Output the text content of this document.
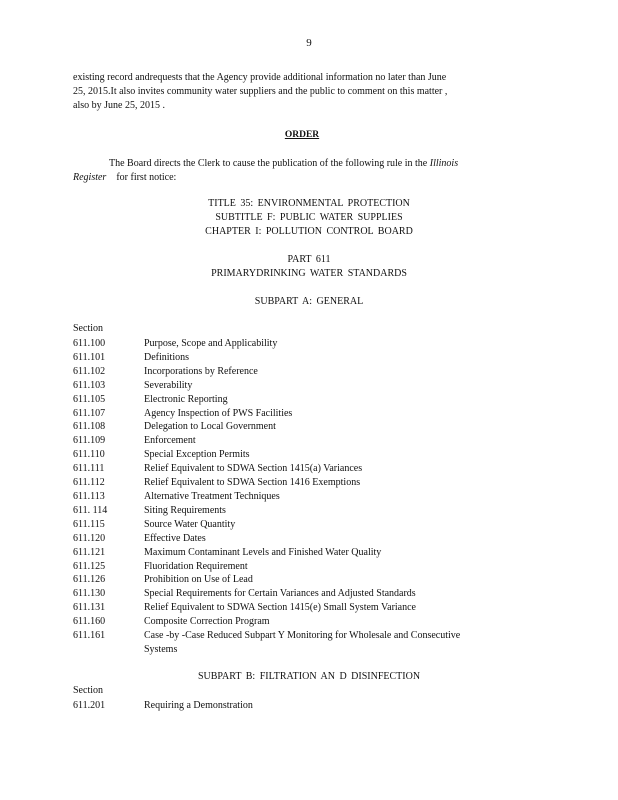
9

existing record andrequests that the Agency provide additional information no later than June

25, 2015.It also invites community water suppliers and the public to comment on this matter ,

also by June 25, 2015 .

ORDER

The Board directs the Clerk to cause the publication of the following rule in the Illinois

Register for first notice:

TITLE 35: ENVIRONMENTAL PROTECTION
SUBTITLE F: PUBLIC WATER SUPPLIES
CHAPTER I: POLLUTION CONTROL BOARD
PART 611
PRIMARYDRINKING WATER STANDARDS
SUBPART A: GENERAL
Section
611.100	Purpose, Scope and Applicability
611.101	Definitions
611.102	Incorporations by Reference
611.103	Severability
611.105	Electronic Reporting
611.107	Agency Inspection of PWS Facilities
611.108	Delegation to Local Government
611.109	Enforcement
611.110	Special Exception Permits
611.111	Relief Equivalent to SDWA Section 1415(a) Variances
611.112	Relief Equivalent to SDWA Section 1416 Exemptions
611.113	Alternative Treatment Techniques
611. 114	Siting Requirements
611.115	Source Water Quantity
611.120	Effective Dates
611.121	Maximum Contaminant Levels and Finished Water Quality
611.125	Fluoridation Requirement
611.126	Prohibition on Use of Lead
611.130	Special Requirements for Certain Variances and Adjusted Standards
611.131	Relief Equivalent to SDWA Section 1415(e) Small System Variance
611.160	Composite Correction Program
611.161	Case -by -Case Reduced Subpart Y Monitoring for Wholesale and Consecutive
Systems
SUBPART B: FILTRATION AN D DISINFECTION
Section
611.201	Requiring a Demonstration
